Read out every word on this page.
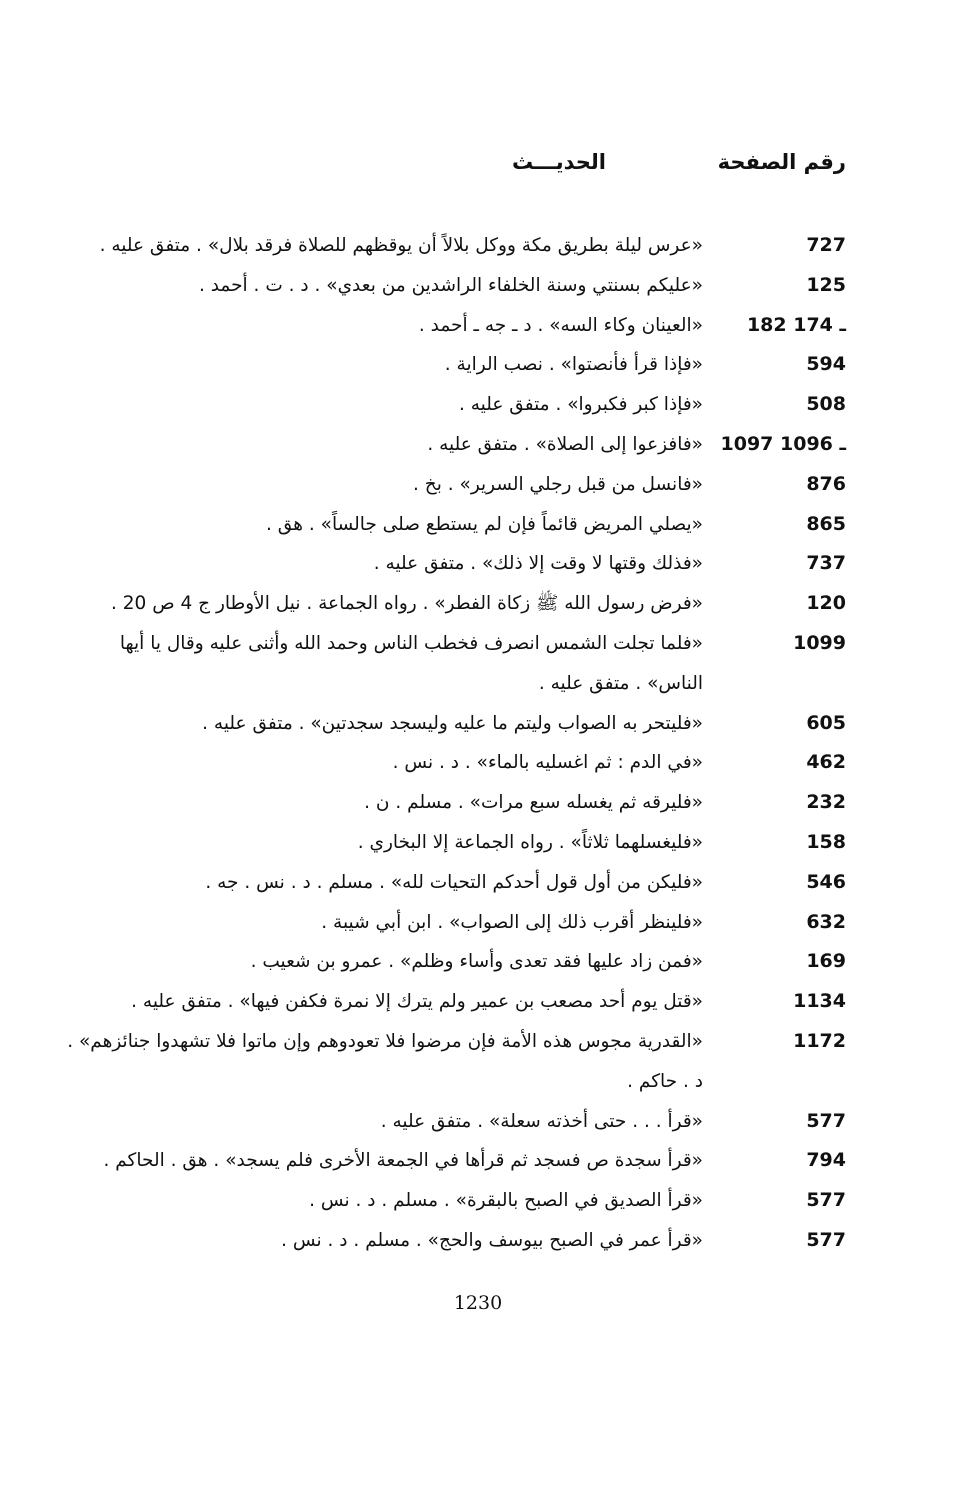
رقم الصفحة
الحديـــث
727
«عرس ليلة بطريق مكة ووكل بلالاً أن يوقظهم للصلاة فرقد بلال» . متفق عليه .
125
«عليكم بسنتي وسنة الخلفاء الراشدين من بعدي» . د . ت . أحمد .
182 ـ 174
«العينان وكاء السه» . د ـ جه ـ أحمد .
594
«فإذا قرأ فأنصتوا» . نصب الراية .
508
«فإذا كبر فكبروا» . متفق عليه .
1097 ـ 1096
«فافزعوا إلى الصلاة» . متفق عليه .
876
«فانسل من قبل رجلي السرير» . بخ .
865
«يصلي المريض قائماً فإن لم يستطع صلى جالساً» . هق .
737
«فذلك وقتها لا وقت إلا ذلك» . متفق عليه .
120
«فرض رسول الله ﷺ زكاة الفطر» . رواه الجماعة . نيل الأوطار ج 4 ص 20 .
1099
«فلما تجلت الشمس انصرف فخطب الناس وحمد الله وأثنى عليه وقال يا أيها الناس» . متفق عليه .
605
«فليتحر به الصواب وليتم ما عليه وليسجد سجدتين» . متفق عليه .
462
«في الدم : ثم اغسليه بالماء» . د . نس .
232
«فليرقه ثم يغسله سبع مرات» . مسلم . ن .
158
«فليغسلهما ثلاثاً» . رواه الجماعة إلا البخاري .
546
«فليكن من أول قول أحدكم التحيات لله» . مسلم . د . نس . جه .
632
«فلينظر أقرب ذلك إلى الصواب» . ابن أبي شيبة .
169
«فمن زاد عليها فقد تعدى وأساء وظلم» . عمرو بن شعيب .
1134
«قتل يوم أحد مصعب بن عمير ولم يترك إلا نمرة فكفن فيها» . متفق عليه .
1172
«القدرية مجوس هذه الأمة فإن مرضوا فلا تعودوهم وإن ماتوا فلا تشهدوا جنائزهم» . د . حاكم .
577
«قرأ . . . حتى أخذته سعلة» . متفق عليه .
794
«قرأ سجدة ص فسجد ثم قرأها في الجمعة الأخرى فلم يسجد» . هق . الحاكم .
577
«قرأ الصديق في الصبح بالبقرة» . مسلم . د . نس .
577
«قرأ عمر في الصبح بيوسف والحج» . مسلم . د . نس .
1230
